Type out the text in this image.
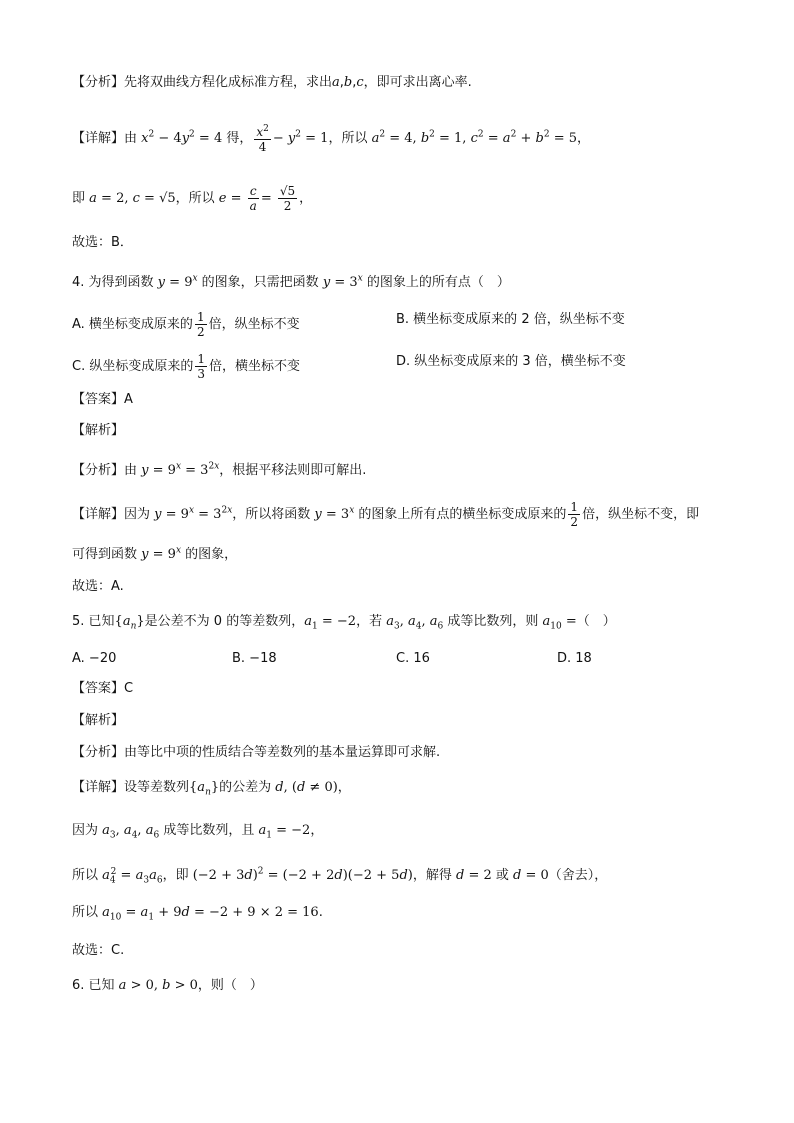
【分析】先将双曲线方程化成标准方程，求出a,b,c，即可求出离心率.
【详解】由 $x^2 - 4y^2 = 4$ 得， $\frac{x^2}{4} - y^2 = 1$，所以 $a^2 = 4$, $b^2 = 1$, $c^2 = a^2 + b^2 = 5$，
即 a = 2, c = √5，所以 $e = \frac{c}{a} = \frac{√5}{2}$ ，
故选：B．
4. 为得到函数 $y = 9^x$ 的图象，只需把函数 $y = 3^x$ 的图象上的所有点（　）
A. 横坐标变成原来的 $\frac{1}{2}$ 倍，纵坐标不变	B. 横坐标变成原来的 2 倍，纵坐标不变
C. 纵坐标变成原来的 $\frac{1}{3}$ 倍，横坐标不变	D. 纵坐标变成原来的 3 倍，横坐标不变
【答案】A
【解析】
【分析】由 $y = 9^x = 3^{2x}$，根据平移法则即可解出.
【详解】因为 $y = 9^x = 3^{2x}$，所以将函数 $y = 3^x$ 的图象上所有点的横坐标变成原来的 $\frac{1}{2}$ 倍，纵坐标不变，即
可得到函数 $y = 9^x$ 的图象，
故选：A.
5. 已知$\{a_n\}$是公差不为 0 的等差数列，$a_1 = -2$，若 $a_3$, $a_4$, $a_6$ 成等比数列，则 $a_{10}$ =（　）
A. −20	B. −18	C. 16	D. 18
【答案】C
【解析】
【分析】由等比中项的性质结合等差数列的基本量运算即可求解.
【详解】设等差数列$\{a_n\}$的公差为 d, (d ≠ 0)，
因为 $a_3$, $a_4$, $a_6$ 成等比数列，且 $a_1 = -2$，
所以 $a_4^2 = a_3a_6$，即 $(-2 + 3d)^2 = (-2 + 2d)(-2 + 5d)$，解得 d = 2 或 d = 0（舍去），
所以 $a_{10} = a_1 + 9d = -2 + 9 \times 2 = 16$.
故选：C.
6. 已知 a > 0, b > 0，则（　）
